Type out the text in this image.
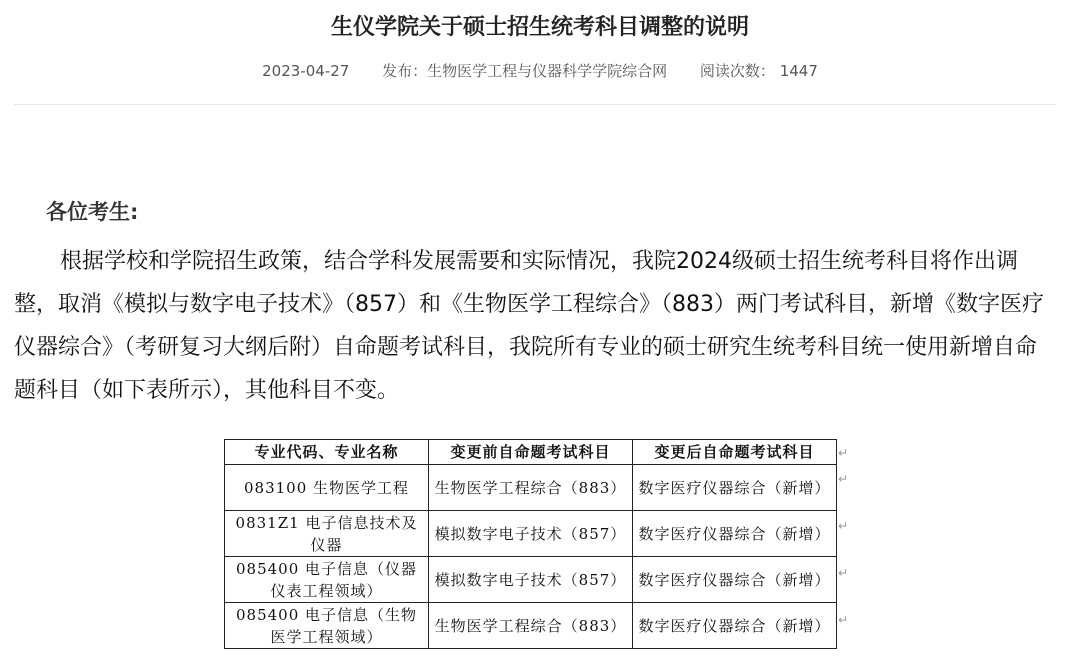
生仪学院关于硕士招生统考科目调整的说明
2023-04-27 发布：生物医学工程与仪器科学学院综合网 阅读次数： 1447
各位考生:

根据学校和学院招生政策，结合学科发展需要和实际情况，我院2024级硕士招生统考科目将作出调整，取消《模拟与数字电子技术》（857）和《生物医学工程综合》（883）两门考试科目，新增《数字医疗仪器综合》（考研复习大纲后附）自命题考试科目，我院所有专业的硕士研究生统考科目统一使用新增自命题科目（如下表所示），其他科目不变。

专业代码、专业名称	变更前自命题考试科目	变更后自命题考试科目
083100 生物医学工程	生物医学工程综合（883）	数字医疗仪器综合（新增）
0831Z1 电子信息技术及仪器	模拟数字电子技术（857）	数字医疗仪器综合（新增）
085400 电子信息（仪器仪表工程领域）	模拟数字电子技术（857）	数字医疗仪器综合（新增）
085400 电子信息（生物医学工程领域）	生物医学工程综合（883）	数字医疗仪器综合（新增）
↵
↵
↵
↵
↵
